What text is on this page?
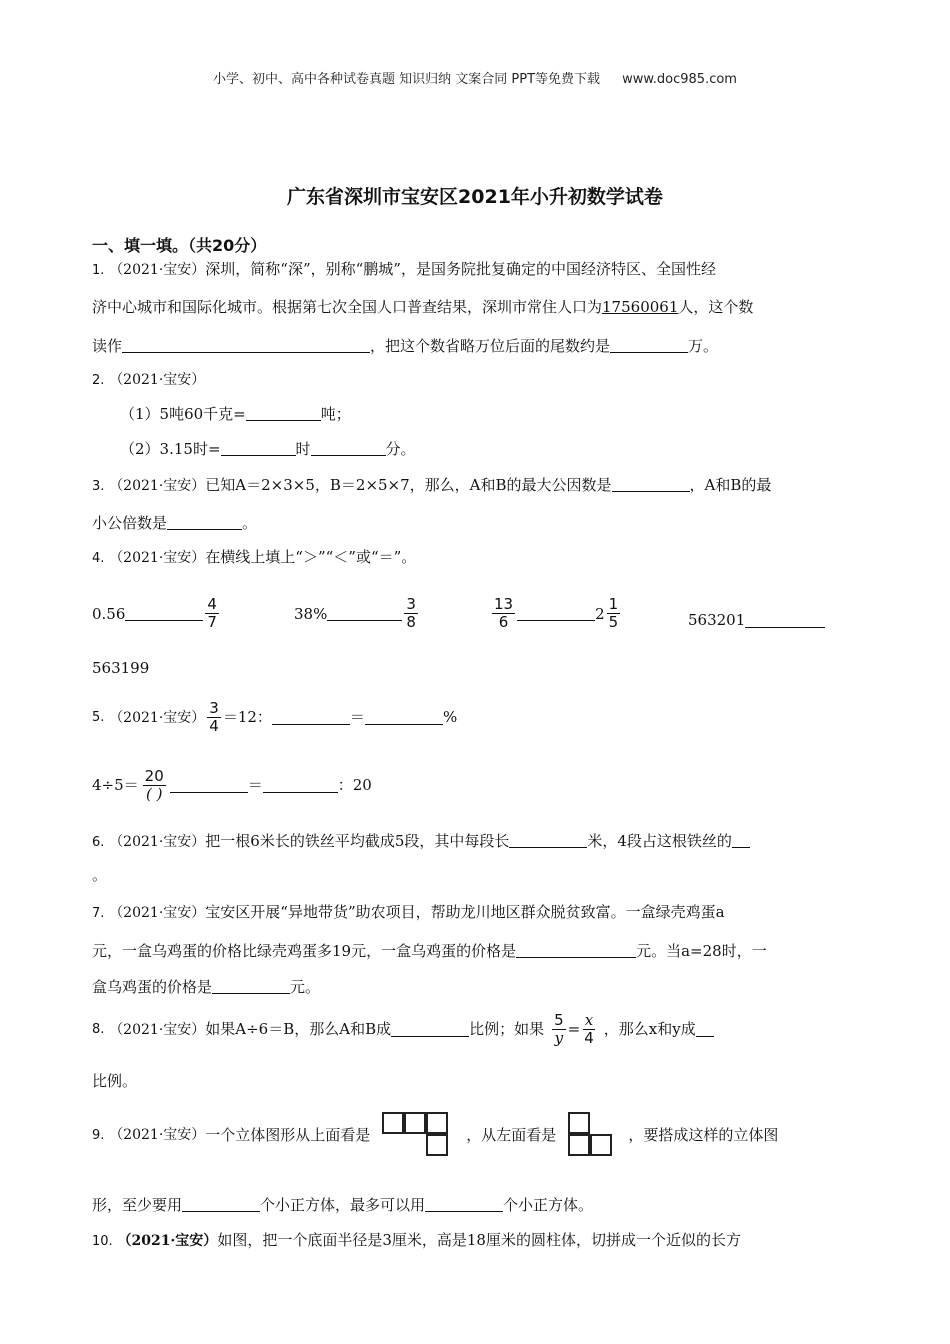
小学、初中、高中各种试卷真题 知识归纳 文案合同 PPT等免费下载 www.doc985.com
广东省深圳市宝安区2021年小升初数学试卷
一、填一填。（共20分）
1. （2021·宝安）深圳，简称“深”，别称“鹏城”，是国务院批复确定的中国经济特区、全国性经
济中心城市和国际化城市。根据第七次全国人口普查结果，深圳市常住人口为17560061人，这个数
读作	，把这个数省略万位后面的尾数约是	万。
2. （2021·宝安）
（1）5吨60千克=	吨；
（2）3.15时=	时	分。
3. （2021·宝安）已知A＝2×3×5，B＝2×5×7，那么，A和B的最大公因数是	，A和B的最
小公倍数是	。
4. （2021·宝安）在横线上填上“＞”“＜”或“＝”。
0.56	$\frac{4}{7}$	38%	$\frac{3}{8}$	$\frac{13}{6}$	$2 \frac{1}{5}$	563201
563199
5.
（2021·宝安） $\frac{3}{4} =12$：	＝	%
$4\div 5= \frac{20}{( )}$	＝	：20
6. （2021·宝安）把一根6米长的铁丝平均截成5段，其中每段长	米，4段占这根铁丝的
。
7. （2021·宝安）宝安区开展“异地带货”助农项目，帮助龙川地区群众脱贫致富。一盒绿壳鸡蛋a
元，一盒乌鸡蛋的价格比绿壳鸡蛋多19元，一盒乌鸡蛋的价格是	元。当a=28时，一
盒乌鸡蛋的价格是	元。
8.
（2021·宝安） 如果A÷6＝B，那么A和B成	比例；如果 $\frac{5}{y} = \frac{x}{4}$ ，那么x和y成
比例。
9.
（2021·宝安） 一个立体图形从上面看是	，从左面看是	，要搭成这样的立体图
形，至少要用	个小正方体，最多可以用	个小正方体。
10. （2021·宝安）如图，把一个底面半径是3厘米，高是18厘米的圆柱体，切拼成一个近似的长方
